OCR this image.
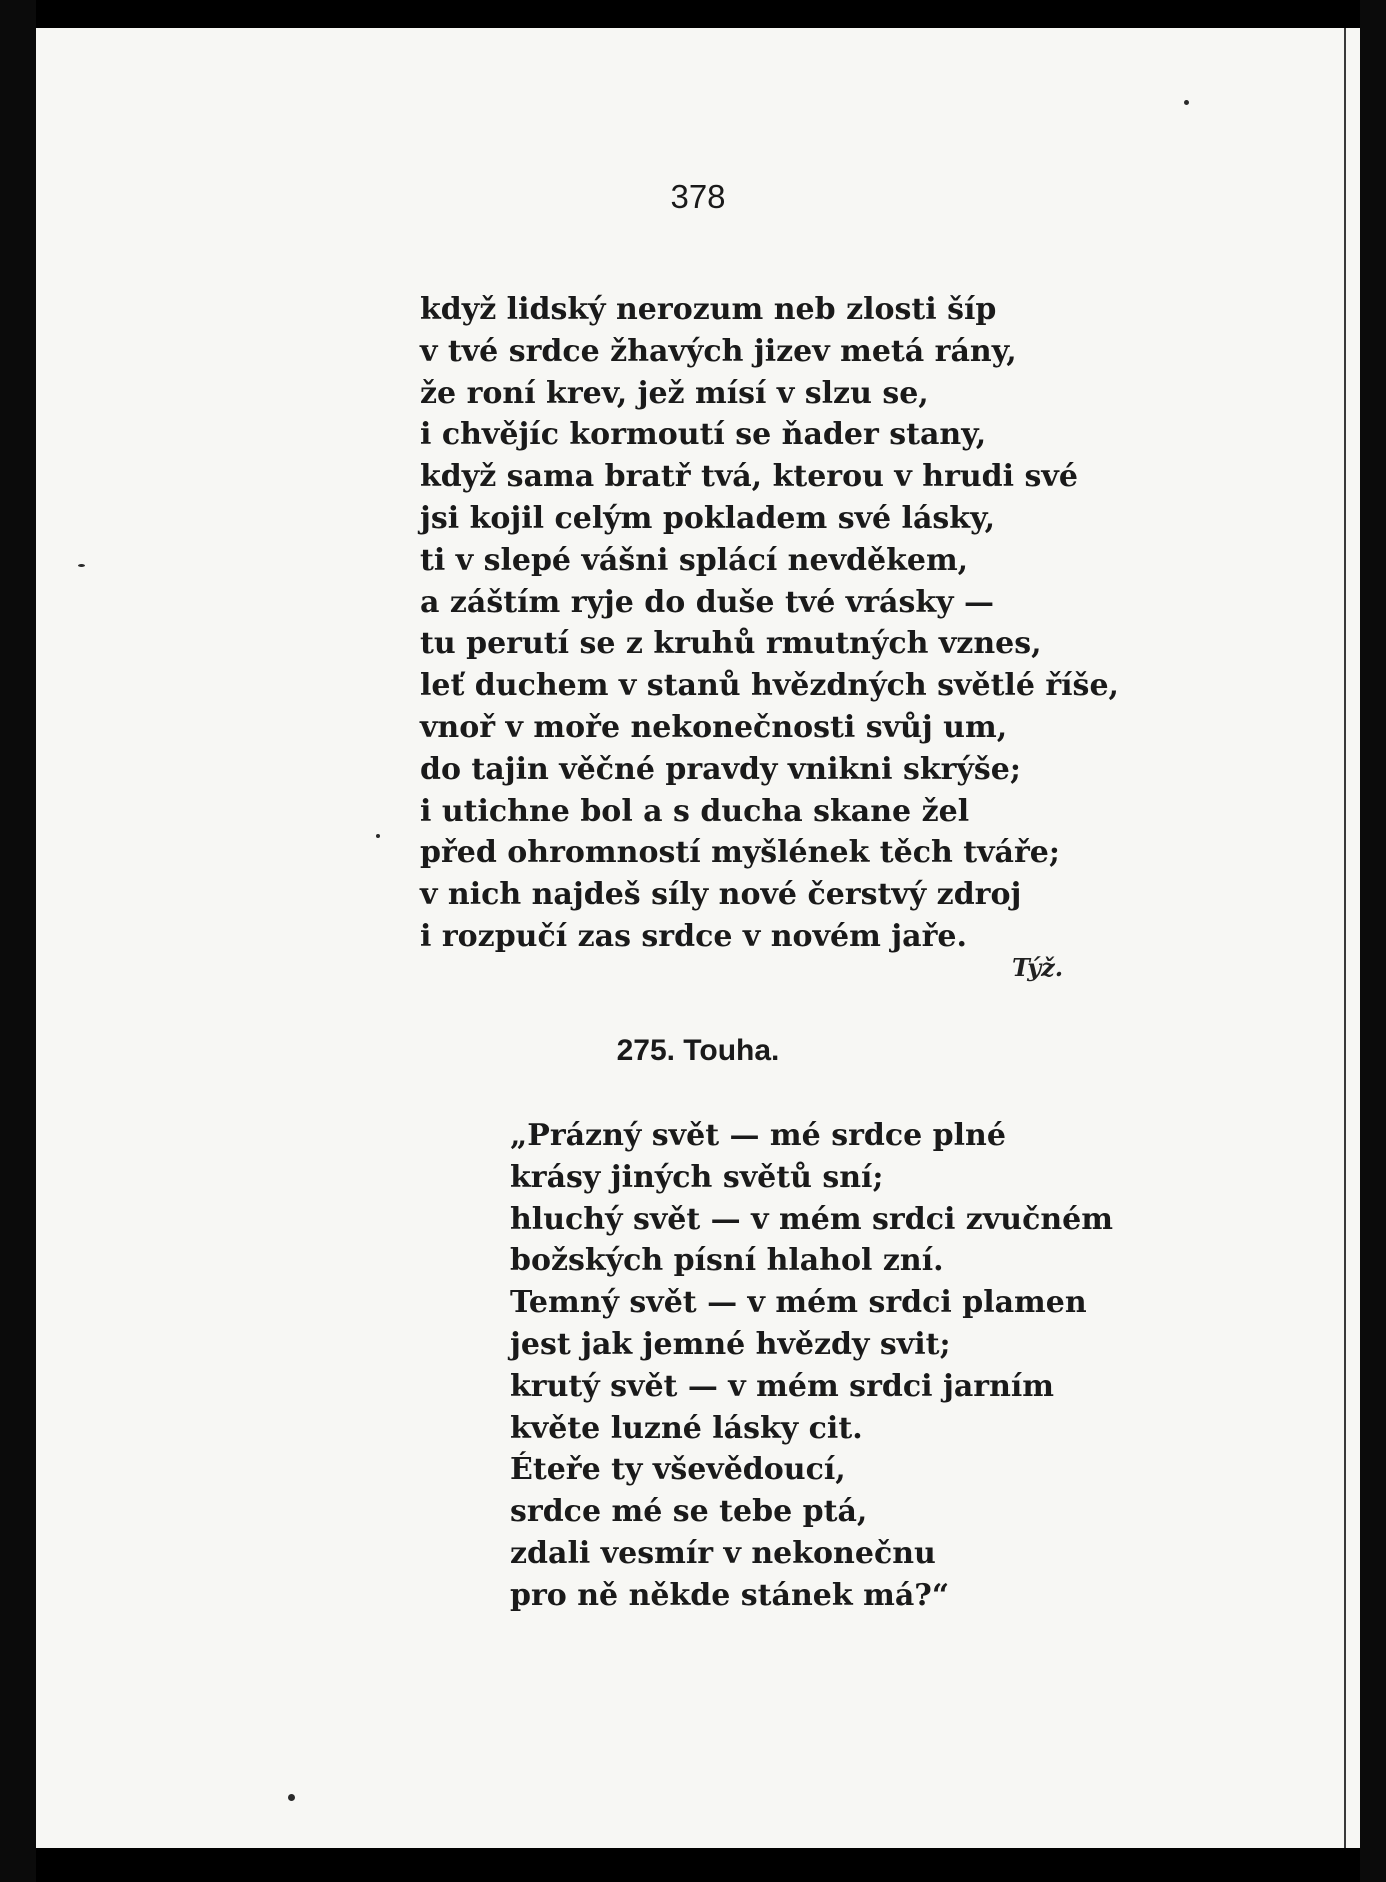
378
když lidský nerozum neb zlosti šíp
v tvé srdce žhavých jizev metá rány,
že roní krev, jež mísí v slzu se,
i chvějíc kormoutí se ňader stany,
když sama bratř tvá, kterou v hrudi své
jsi kojil celým pokladem své lásky,
ti v slepé vášni splácí nevděkem,
a záštím ryje do duše tvé vrásky —
tu perutí se z kruhů rmutných vznes,
leť duchem v stanů hvězdných světlé říše,
vnoř v moře nekonečnosti svůj um,
do tajin věčné pravdy vnikni skrýše;
i utichne bol a s ducha skane žel
před ohromností myšlének těch tváře;
v nich najdeš síly nové čerstvý zdroj
i rozpučí zas srdce v novém jaře.
Týž.
275. Touha.
„Prázný svět — mé srdce plné
krásy jiných světů sní;
hluchý svět — v mém srdci zvučném
božských písní hlahol zní.
Temný svět — v mém srdci plamen
jest jak jemné hvězdy svit;
krutý svět — v mém srdci jarním
květe luzné lásky cit.
Éteře ty vševědoucí,
srdce mé se tebe ptá,
zdali vesmír v nekonečnu
pro ně někde stánek má?“
